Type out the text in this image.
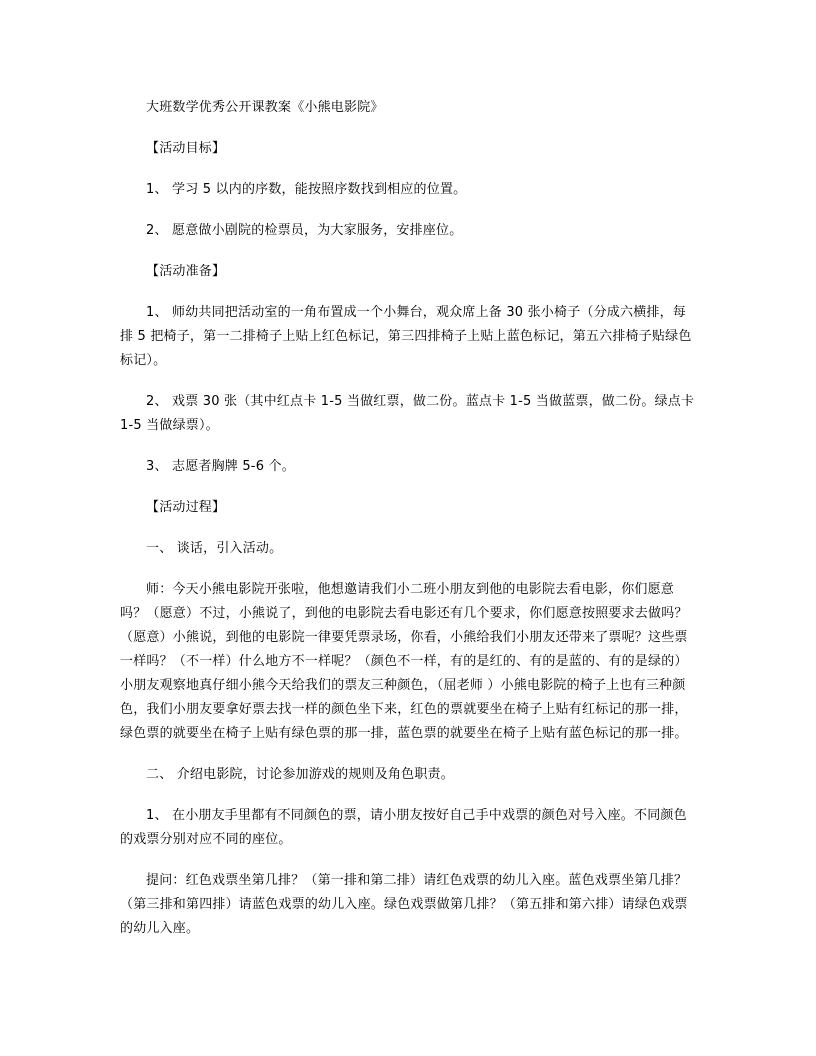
大班数学优秀公开课教案《小熊电影院》

【活动目标】

1、 学习 5 以内的序数，能按照序数找到相应的位置。

2、 愿意做小剧院的检票员，为大家服务，安排座位。

【活动准备】

1、 师幼共同把活动室的一角布置成一个小舞台，观众席上备 30 张小椅子（分成六横排，每排 5 把椅子，第一二排椅子上贴上红色标记，第三四排椅子上贴上蓝色标记，第五六排椅子贴绿色标记）。

2、 戏票 30 张（其中红点卡 1-5 当做红票，做二份。蓝点卡 1-5 当做蓝票，做二份。绿点卡 1-5 当做绿票）。

3、 志愿者胸牌 5-6 个。

【活动过程】

一、 谈话，引入活动。

师：今天小熊电影院开张啦，他想邀请我们小二班小朋友到他的电影院去看电影，你们愿意吗？（愿意）不过，小熊说了，到他的电影院去看电影还有几个要求，你们愿意按照要求去做吗？（愿意）小熊说，到他的电影院一律要凭票录场，你看，小熊给我们小朋友还带来了票呢？这些票一样吗？（不一样）什么地方不一样呢？（颜色不一样，有的是红的、有的是蓝的、有的是绿的）小朋友观察地真仔细小熊今天给我们的票友三种颜色，（屈老师 ）小熊电影院的椅子上也有三种颜色，我们小朋友要拿好票去找一样的颜色坐下来，红色的票就要坐在椅子上贴有红标记的那一排，绿色票的就要坐在椅子上贴有绿色票的那一排，蓝色票的就要坐在椅子上贴有蓝色标记的那一排。

二、 介绍电影院，讨论参加游戏的规则及角色职责。

1、 在小朋友手里都有不同颜色的票，请小朋友按好自己手中戏票的颜色对号入座。不同颜色的戏票分别对应不同的座位。

提问：红色戏票坐第几排？（第一排和第二排）请红色戏票的幼儿入座。蓝色戏票坐第几排？（第三排和第四排）请蓝色戏票的幼儿入座。绿色戏票做第几排？（第五排和第六排）请绿色戏票的幼儿入座。
